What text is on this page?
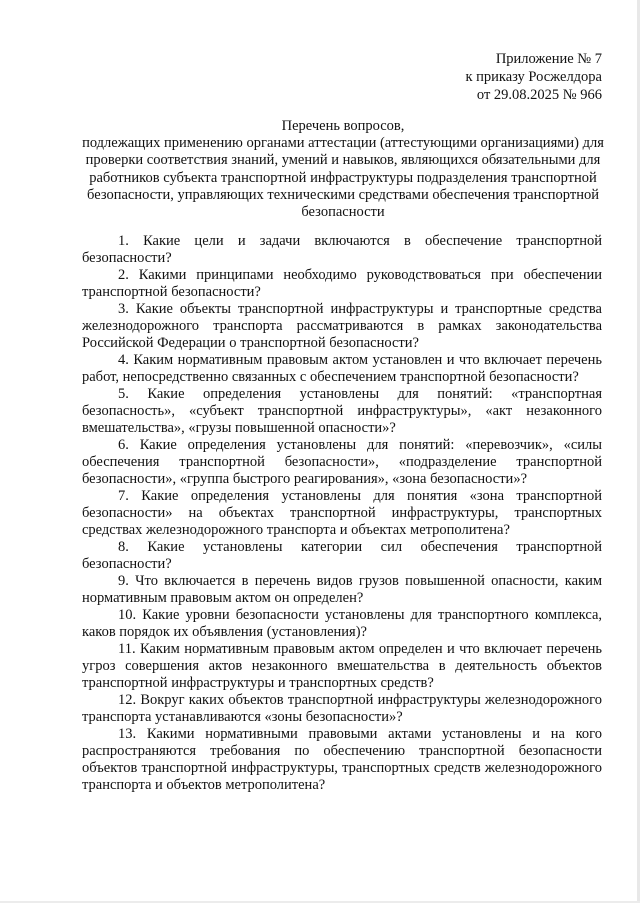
Приложение № 7
к приказу Росжелдора
от 29.08.2025 № 966
Перечень вопросов,
подлежащих применению органами аттестации (аттестующими организациями) для
проверки соответствия знаний, умений и навыков, являющихся обязательными для
работников субъекта транспортной инфраструктуры подразделения транспортной
безопасности, управляющих техническими средствами обеспечения транспортной
безопасности

1. Какие цели и задачи включаются в обеспечение транспортной безопасности?

2. Какими принципами необходимо руководствоваться при обеспечении транспортной безопасности?

3. Какие объекты транспортной инфраструктуры и транспортные средства железнодорожного транспорта рассматриваются в рамках законодательства Российской Федерации о транспортной безопасности?

4. Каким нормативным правовым актом установлен и что включает перечень работ, непосредственно связанных с обеспечением транспортной безопасности?

5. Какие определения установлены для понятий: «транспортная безопасность», «субъект транспортной инфраструктуры», «акт незаконного вмешательства», «грузы повышенной опасности»?

6. Какие определения установлены для понятий: «перевозчик», «силы обеспечения транспортной безопасности», «подразделение транспортной безопасности», «группа быстрого реагирования», «зона безопасности»?

7. Какие определения установлены для понятия «зона транспортной безопасности» на объектах транспортной инфраструктуры, транспортных средствах железнодорожного транспорта и объектах метрополитена?

8. Какие установлены категории сил обеспечения транспортной безопасности?

9. Что включается в перечень видов грузов повышенной опасности, каким нормативным правовым актом он определен?

10. Какие уровни безопасности установлены для транспортного комплекса, каков порядок их объявления (установления)?

11. Каким нормативным правовым актом определен и что включает перечень угроз совершения актов незаконного вмешательства в деятельность объектов транспортной инфраструктуры и транспортных средств?

12. Вокруг каких объектов транспортной инфраструктуры железнодорожного транспорта устанавливаются «зоны безопасности»?

13. Какими нормативными правовыми актами установлены и на кого распространяются требования по обеспечению транспортной безопасности объектов транспортной инфраструктуры, транспортных средств железнодорожного транспорта и объектов метрополитена?
